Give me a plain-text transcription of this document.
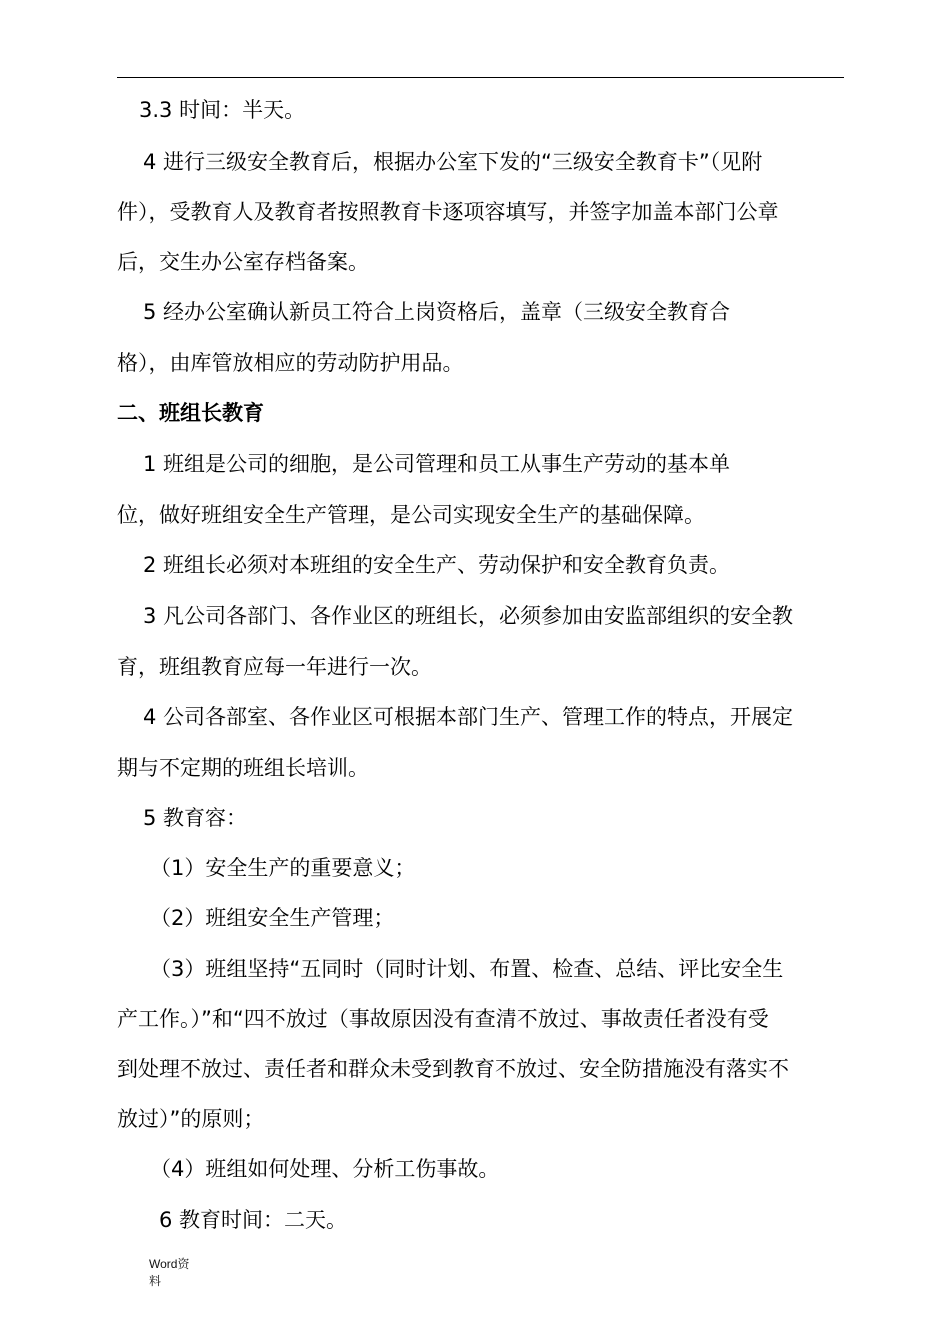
3.3 时间：半天。
4 进行三级安全教育后，根据办公室下发的“三级安全教育卡”（见附
件），受教育人及教育者按照教育卡逐项容填写，并签字加盖本部门公章
后，交生办公室存档备案。
5 经办公室确认新员工符合上岗资格后，盖章（三级安全教育合
格），由库管放相应的劳动防护用品。
二、班组长教育
1 班组是公司的细胞，是公司管理和员工从事生产劳动的基本单
位，做好班组安全生产管理，是公司实现安全生产的基础保障。
2 班组长必须对本班组的安全生产、劳动保护和安全教育负责。
3 凡公司各部门、各作业区的班组长，必须参加由安监部组织的安全教
育，班组教育应每一年进行一次。
4 公司各部室、各作业区可根据本部门生产、管理工作的特点，开展定
期与不定期的班组长培训。
5 教育容：
（1）安全生产的重要意义；
（2）班组安全生产管理；
（3）班组坚持“五同时（同时计划、布置、检查、总结、评比安全生
产工作。）”和“四不放过（事故原因没有查清不放过、事故责任者没有受
到处理不放过、责任者和群众未受到教育不放过、安全防措施没有落实不
放过）”的原则；
（4）班组如何处理、分析工伤事故。
6 教育时间：二天。
Word资
料
